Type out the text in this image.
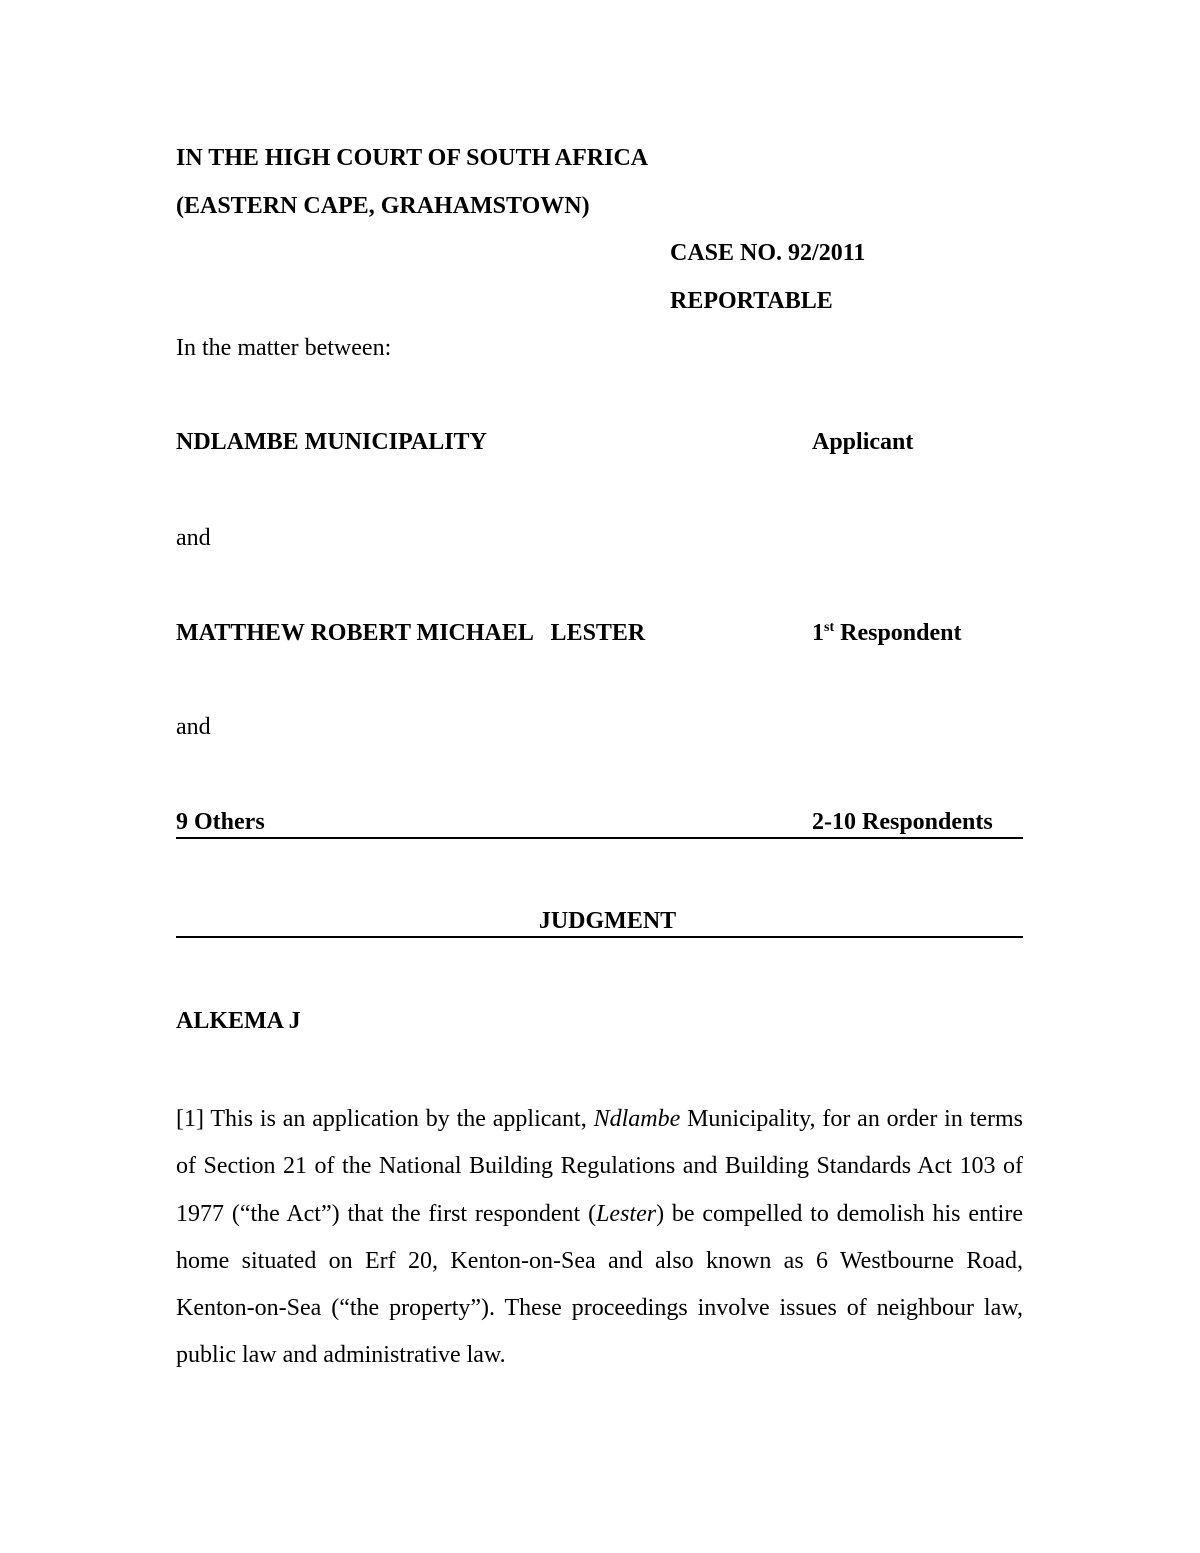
IN THE HIGH COURT OF SOUTH AFRICA

(EASTERN CAPE, GRAHAMSTOWN)

CASE NO. 92/2011

REPORTABLE

In the matter between:

NDLAMBE MUNICIPALITY	Applicant

and

MATTHEW ROBERT MICHAEL   LESTER	1st Respondent

and

9 Others	2-10 Respondents

JUDGMENT

ALKEMA J

[1] This is an application by the applicant, Ndlambe Municipality, for an order in terms of Section 21 of the National Building Regulations and Building Standards Act 103 of 1977 (“the Act”) that the first respondent (Lester) be compelled to demolish his entire home situated on Erf 20, Kenton-on-Sea and also known as 6 Westbourne Road, Kenton-on-Sea (“the property”). These proceedings involve issues of neighbour law, public law and administrative law.
